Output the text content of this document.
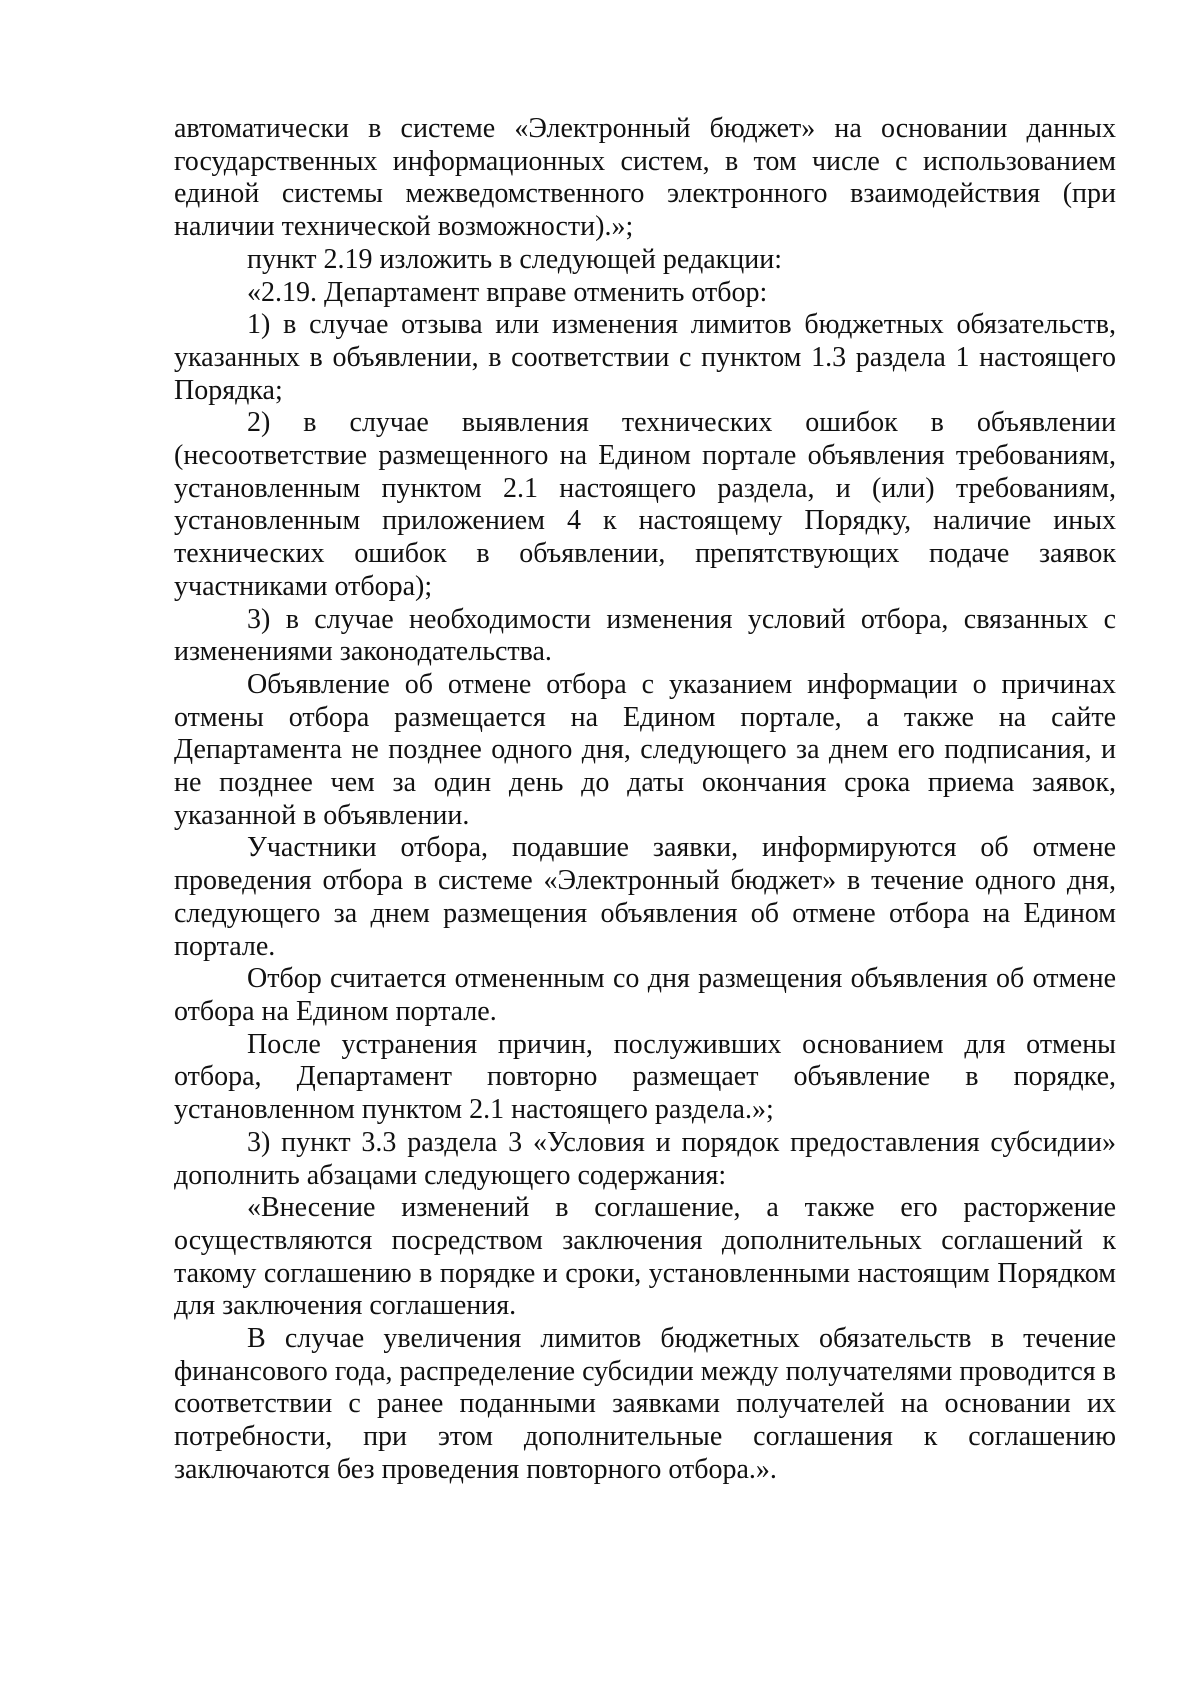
автоматически в системе «Электронный бюджет» на основании данных государственных информационных систем, в том числе с использованием единой системы межведомственного электронного взаимодействия (при наличии технической возможности).»;

пункт 2.19 изложить в следующей редакции:

«2.19. Департамент вправе отменить отбор:

1) в случае отзыва или изменения лимитов бюджетных обязательств, указанных в объявлении, в соответствии с пунктом 1.3 раздела 1 настоящего Порядка;

2) в случае выявления технических ошибок в объявлении (несоответствие размещенного на Едином портале объявления требованиям, установленным пунктом 2.1 настоящего раздела, и (или) требованиям, установленным приложением 4 к настоящему Порядку, наличие иных технических ошибок в объявлении, препятствующих подаче заявок участниками отбора);

3) в случае необходимости изменения условий отбора, связанных с изменениями законодательства.

Объявление об отмене отбора с указанием информации о причинах отмены отбора размещается на Едином портале, а также на сайте Департамента не позднее одного дня, следующего за днем его подписания, и не позднее чем за один день до даты окончания срока приема заявок, указанной в объявлении.

Участники отбора, подавшие заявки, информируются об отмене проведения отбора в системе «Электронный бюджет» в течение одного дня, следующего за днем размещения объявления об отмене отбора на Едином портале.

Отбор считается отмененным со дня размещения объявления об отмене отбора на Едином портале.

После устранения причин, послуживших основанием для отмены отбора, Департамент повторно размещает объявление в порядке, установленном пунктом 2.1 настоящего раздела.»;

3) пункт 3.3 раздела 3 «Условия и порядок предоставления субсидии» дополнить абзацами следующего содержания:

«Внесение изменений в соглашение, а также его расторжение осуществляются посредством заключения дополнительных соглашений к такому соглашению в порядке и сроки, установленными настоящим Порядком для заключения соглашения.

В случае увеличения лимитов бюджетных обязательств в течение финансового года, распределение субсидии между получателями проводится в соответствии с ранее поданными заявками получателей на основании их потребности, при этом дополнительные соглашения к соглашению заключаются без проведения повторного отбора.».
